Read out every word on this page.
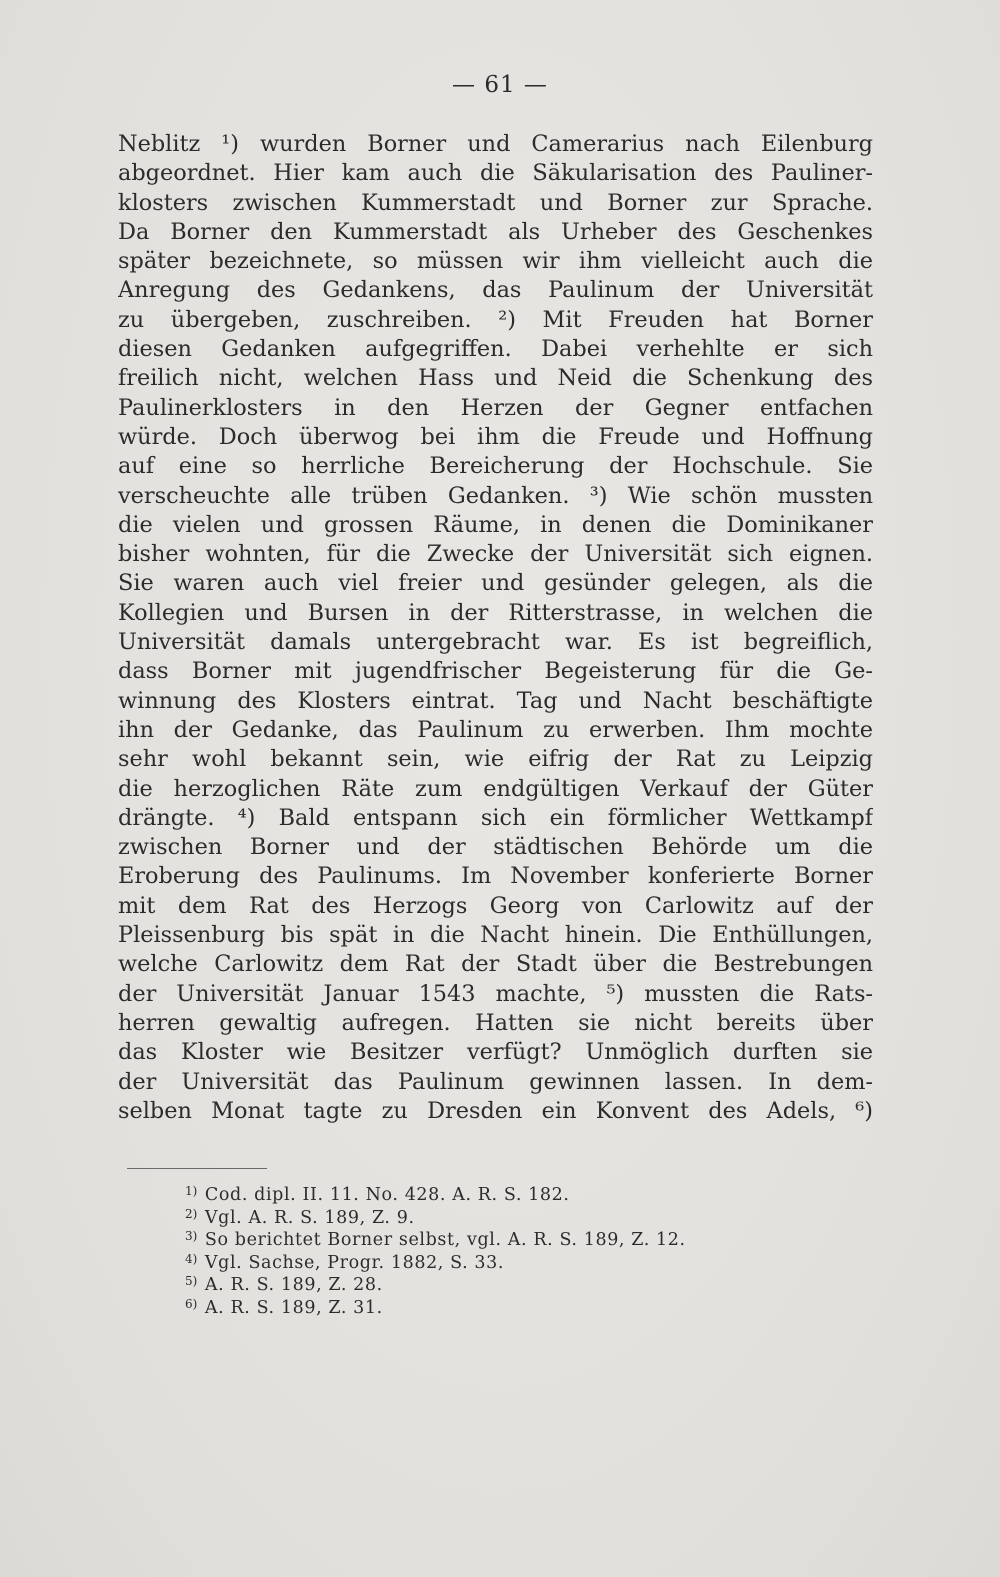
— 61 —
Neblitz ¹) wurden Borner und Camerarius nach Eilenburg
abgeordnet. Hier kam auch die Säkularisation des Pauliner-
klosters zwischen Kummerstadt und Borner zur Sprache.
Da Borner den Kummerstadt als Urheber des Geschenkes
später bezeichnete, so müssen wir ihm vielleicht auch die
Anregung des Gedankens, das Paulinum der Universität
zu übergeben, zuschreiben. ²) Mit Freuden hat Borner
diesen Gedanken aufgegriffen. Dabei verhehlte er sich
freilich nicht, welchen Hass und Neid die Schenkung des
Paulinerklosters in den Herzen der Gegner entfachen
würde. Doch überwog bei ihm die Freude und Hoffnung
auf eine so herrliche Bereicherung der Hochschule. Sie
verscheuchte alle trüben Gedanken. ³) Wie schön mussten
die vielen und grossen Räume, in denen die Dominikaner
bisher wohnten, für die Zwecke der Universität sich eignen.
Sie waren auch viel freier und gesünder gelegen, als die
Kollegien und Bursen in der Ritterstrasse, in welchen die
Universität damals untergebracht war. Es ist begreiflich,
dass Borner mit jugendfrischer Begeisterung für die Ge-
winnung des Klosters eintrat. Tag und Nacht beschäftigte
ihn der Gedanke, das Paulinum zu erwerben. Ihm mochte
sehr wohl bekannt sein, wie eifrig der Rat zu Leipzig
die herzoglichen Räte zum endgültigen Verkauf der Güter
drängte. ⁴) Bald entspann sich ein förmlicher Wettkampf
zwischen Borner und der städtischen Behörde um die
Eroberung des Paulinums. Im November konferierte Borner
mit dem Rat des Herzogs Georg von Carlowitz auf der
Pleissenburg bis spät in die Nacht hinein. Die Enthüllungen,
welche Carlowitz dem Rat der Stadt über die Bestrebungen
der Universität Januar 1543 machte, ⁵) mussten die Rats-
herren gewaltig aufregen. Hatten sie nicht bereits über
das Kloster wie Besitzer verfügt? Unmöglich durften sie
der Universität das Paulinum gewinnen lassen. In dem-
selben Monat tagte zu Dresden ein Konvent des Adels, ⁶)
$^{1)}$ Cod. dipl. II. 11. No. 428. A. R. S. 182.
$^{2)}$ Vgl. A. R. S. 189, Z. 9.
$^{3)}$ So berichtet Borner selbst, vgl. A. R. S. 189, Z. 12.
$^{4)}$ Vgl. Sachse, Progr. 1882, S. 33.
$^{5)}$ A. R. S. 189, Z. 28.
$^{6)}$ A. R. S. 189, Z. 31.
